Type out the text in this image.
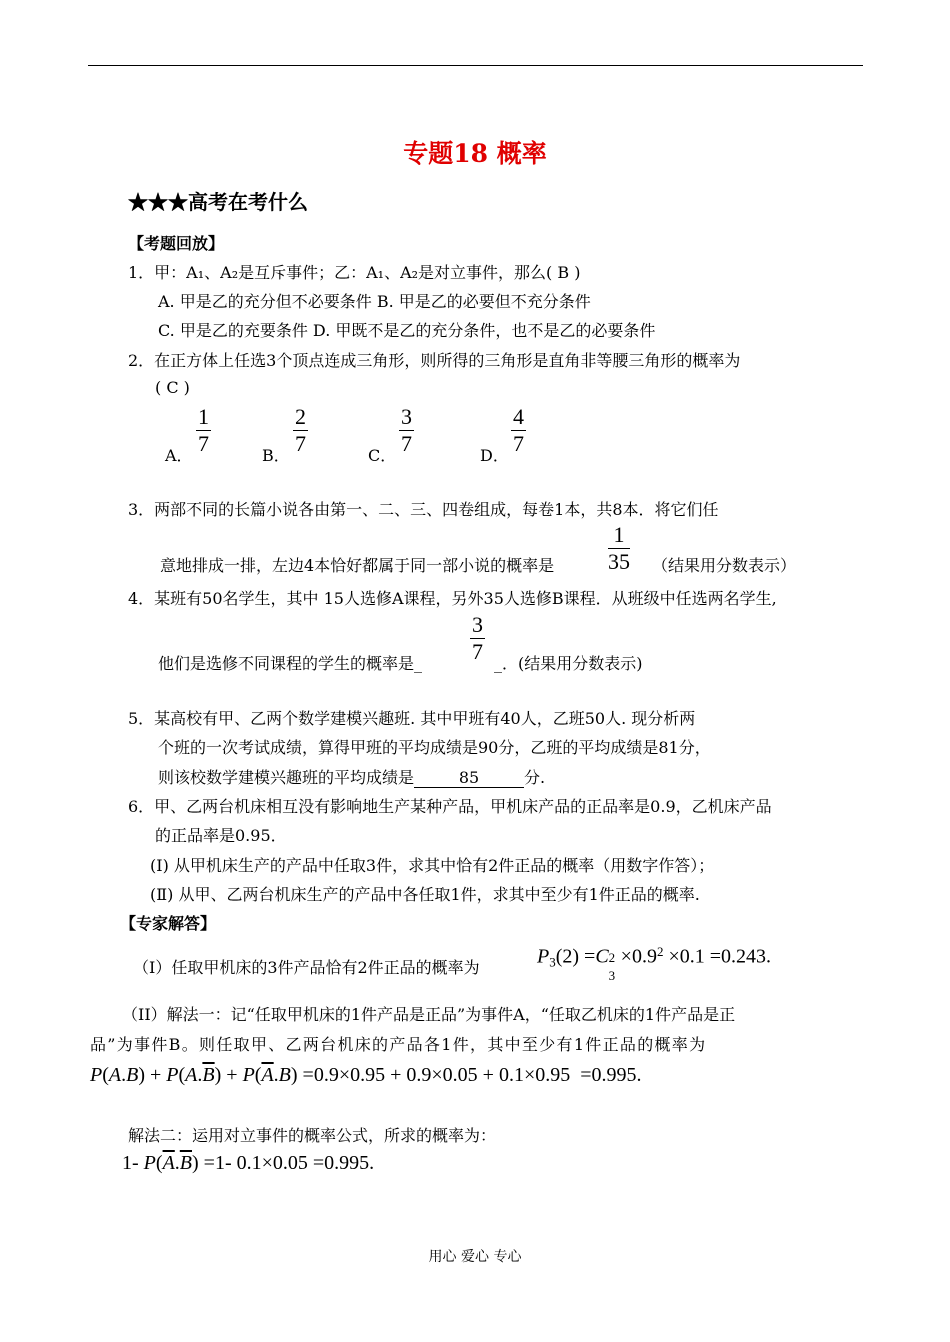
专题18 概率
★★★高考在考什么
【考题回放】
1．甲：A₁、A₂是互斥事件；乙：A₁、A₂是对立事件，那么( B )
A. 甲是乙的充分但不必要条件 B. 甲是乙的必要但不充分条件
C. 甲是乙的充要条件 D. 甲既不是乙的充分条件，也不是乙的必要条件
2．在正方体上任选3个顶点连成三角形，则所得的三角形是直角非等腰三角形的概率为
( C )
A．
1
7	B．
2
7	C．
3
7	D．
4
7
3．两部不同的长篇小说各由第一、二、三、四卷组成，每卷1本，共8本．将它们任
意地排成一排，左边4本恰好都属于同一部小说的概率是
1
35 （结果用分数表示）
4．某班有50名学生，其中 15人选修A课程，另外35人选修B课程．从班级中任选两名学生,
他们是选修不同课程的学生的概率是_
3
7 _．(结果用分数表示)
5．某高校有甲、乙两个数学建模兴趣班. 其中甲班有40人，乙班50人. 现分析两
个班的一次考试成绩，算得甲班的平均成绩是90分，乙班的平均成绩是81分，
则该校数学建模兴趣班的平均成绩是	85	分.
6．甲、乙两台机床相互没有影响地生产某种产品，甲机床产品的正品率是0.9，乙机床产品
的正品率是0.95．
(Ⅰ) 从甲机床生产的产品中任取3件，求其中恰有2件正品的概率（用数字作答）；
(Ⅱ) 从甲、乙两台机床生产的产品中各任取1件，求其中至少有1件正品的概率.
【专家解答】
（I）任取甲机床的3件产品恰有2件正品的概率为
$P_3(2) =C$ 2
3
$\times 0.9^2 \times 0.1 =0.243$.
（II）解法一：记“任取甲机床的1件产品是正品”为事件A，“任取乙机床的1件产品是正
品”为事件B。则任取甲、乙两台机床的产品各1件，其中至少有1件正品的概率为
$P(A.B) + P(A.\overline{B}) + P(\overline{A}.B) =0.9\times 0.95 + 0.9\times 0.05 + 0.1\times 0.95 =0.995$.
解法二：运用对立事件的概率公式，所求的概率为：
1- $P(\overline{A}.\overline{B}) =1-$ 0.1×0.05 =0.995.
用心 爱心 专心
